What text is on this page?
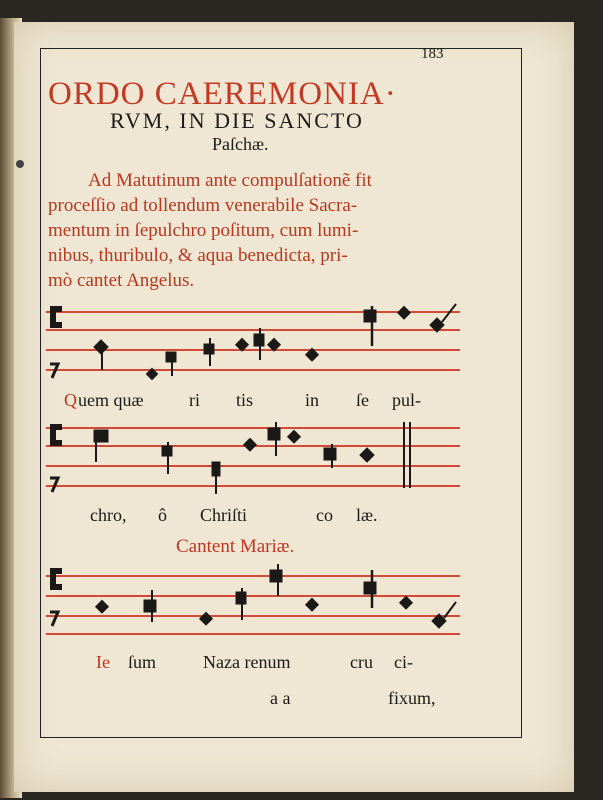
183
ORDO CAEREMONIA·
RVM, IN DIE SANCTO
Paſchæ.
Ad Matutinum ante compulſationẽ fit
proceſſio ad tollendum venerabile Sacra-
mentum in ſepulchro poſitum, cum lumi-
nibus, thuribulo, & aqua benedicta, pri-
mò cantet Angelus.
Q uem quæ	ri tis	in ſe pul-
chro, ô Chriſti	co læ.
Cantent Mariæ.
Ie ſum	Naza renum	cru ci-
a a	fixum,
